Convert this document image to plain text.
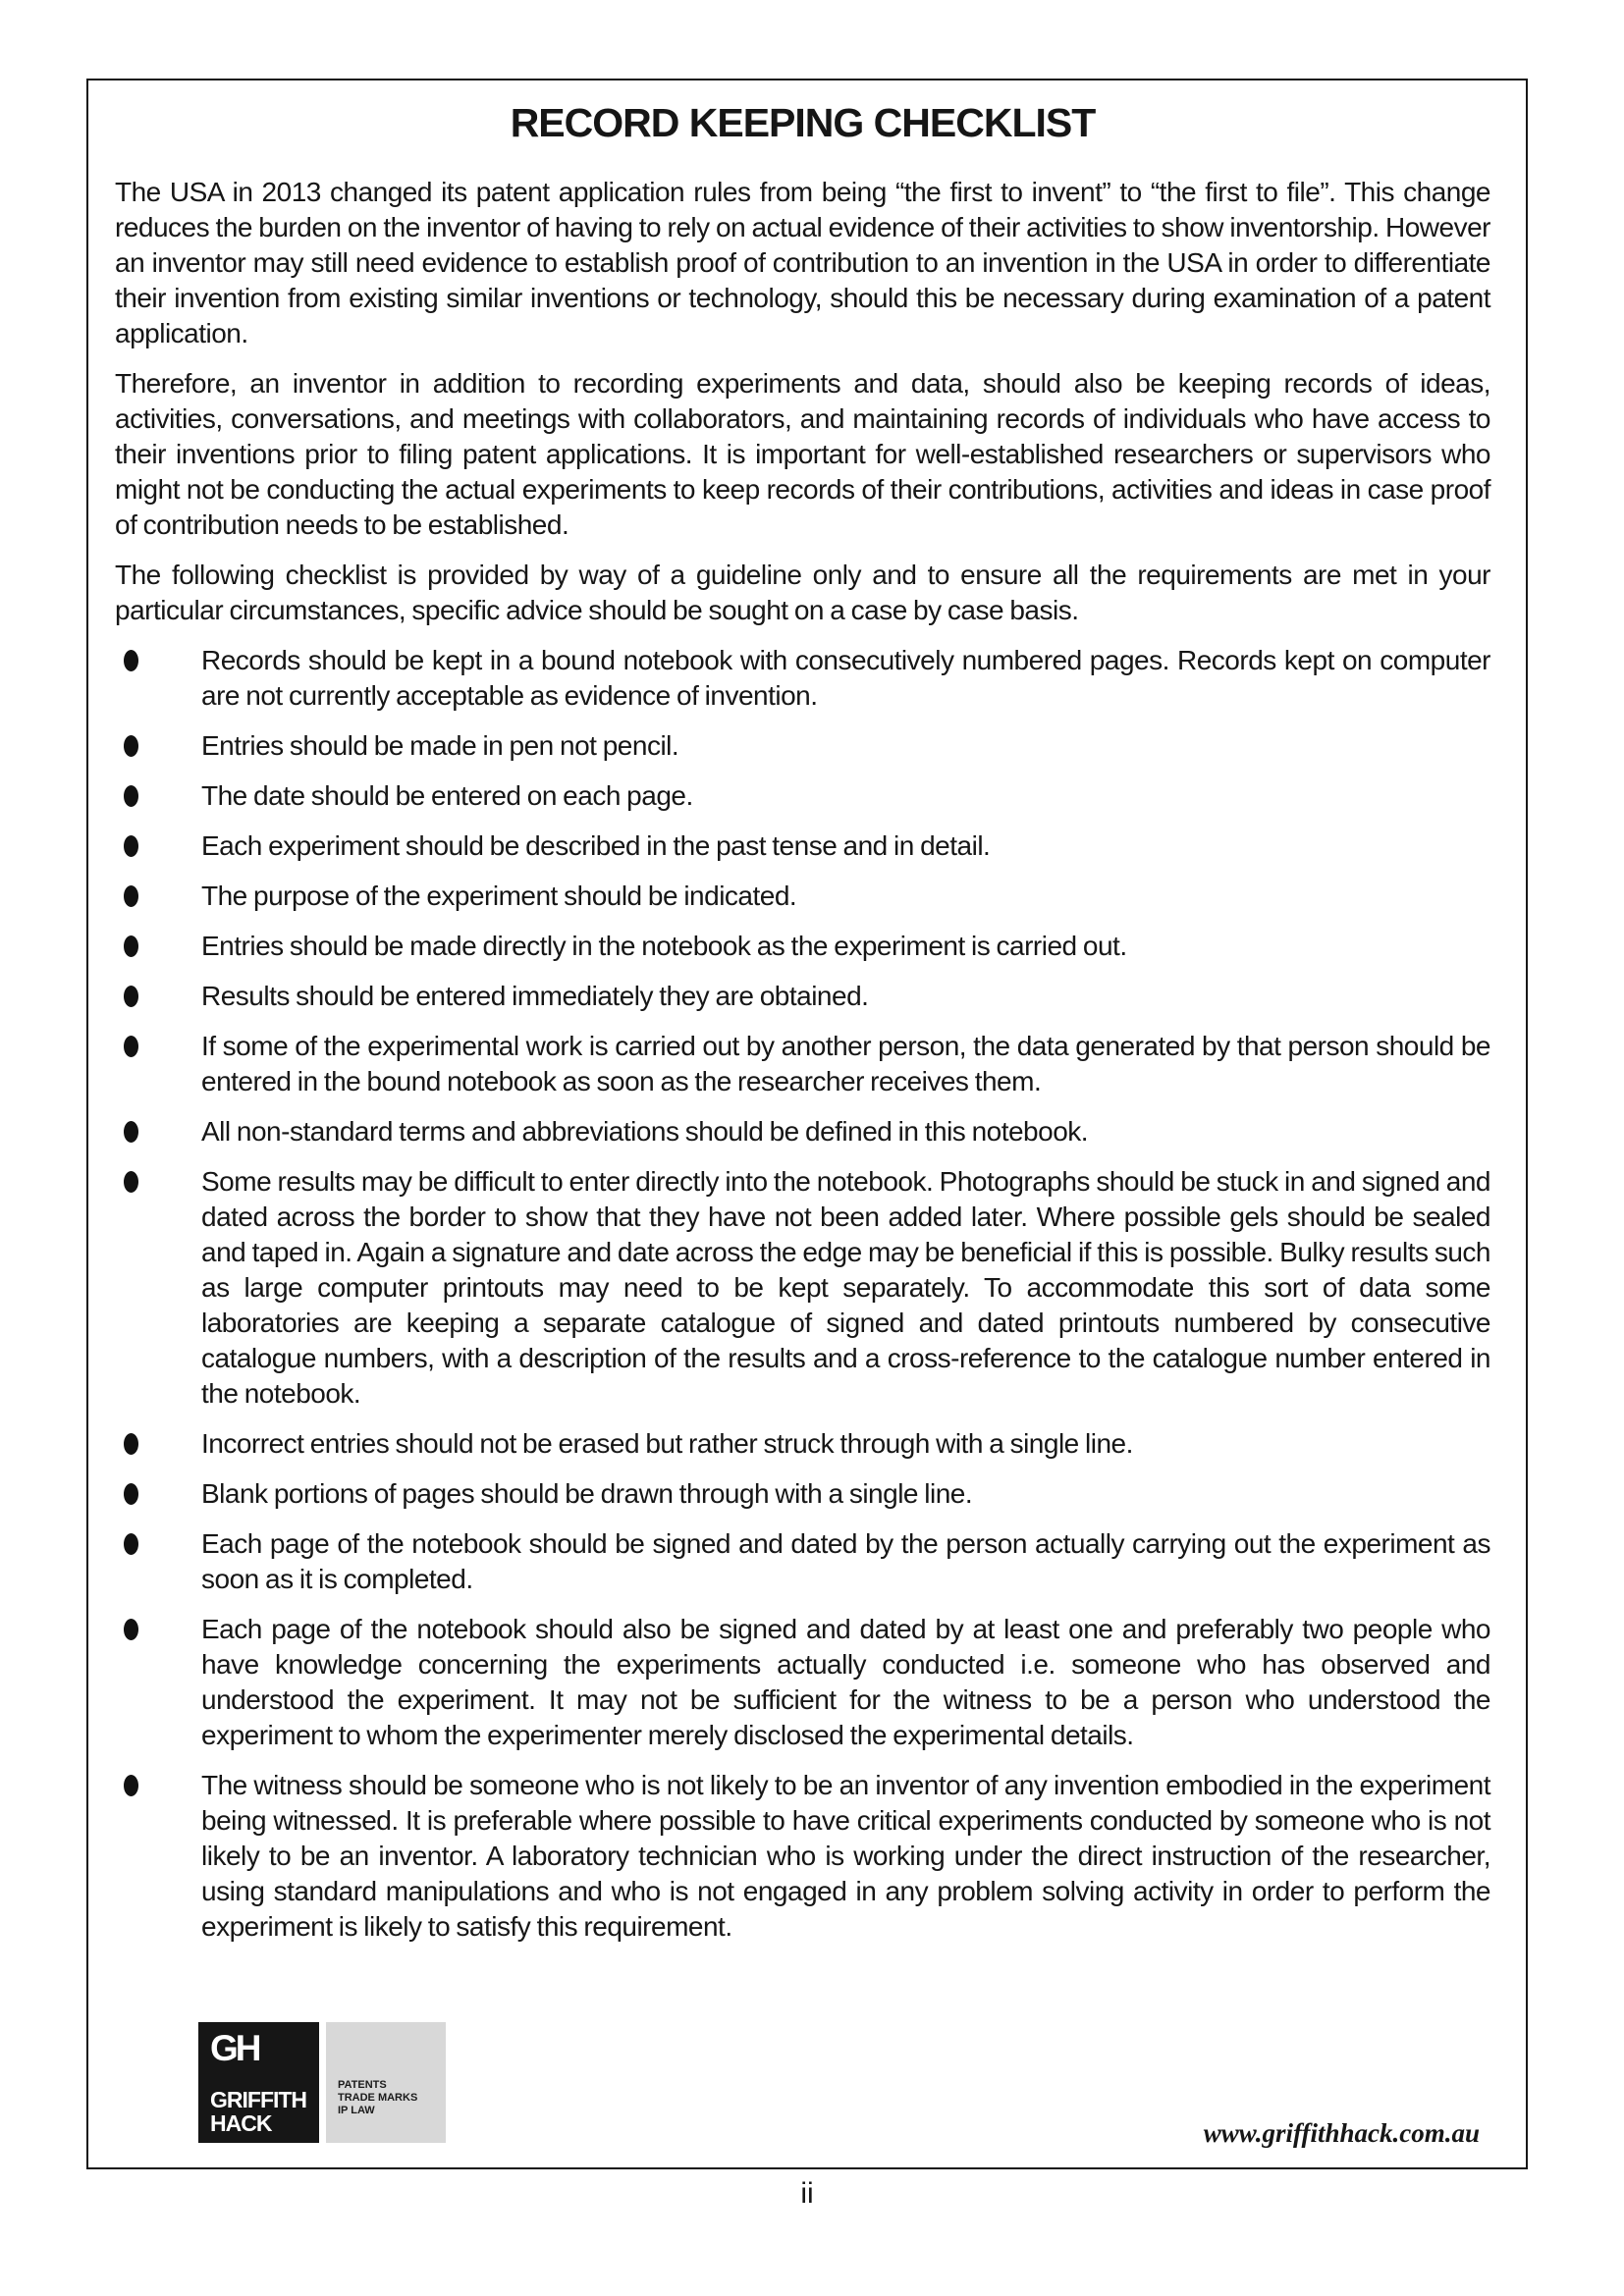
RECORD KEEPING CHECKLIST

The USA in 2013 changed its patent application rules from being “the first to invent” to “the first to file”. This change reduces the burden on the inventor of having to rely on actual evidence of their activities to show inventorship. However an inventor may still need evidence to establish proof of contribution to an invention in the USA in order to differentiate their invention from existing similar inventions or technology, should this be necessary during examination of a patent application.

Therefore, an inventor in addition to recording experiments and data, should also be keeping records of ideas, activities, conversations, and meetings with collaborators, and maintaining records of individuals who have access to their inventions prior to filing patent applications. It is important for well-established researchers or supervisors who might not be conducting the actual experiments to keep records of their contributions, activities and ideas in case proof of contribution needs to be established.

The following checklist is provided by way of a guideline only and to ensure all the requirements are met in your particular circumstances, specific advice should be sought on a case by case basis.

Records should be kept in a bound notebook with consecutively numbered pages. Records kept on computer are not currently acceptable as evidence of invention.
Entries should be made in pen not pencil.
The date should be entered on each page.
Each experiment should be described in the past tense and in detail.
The purpose of the experiment should be indicated.
Entries should be made directly in the notebook as the experiment is carried out.
Results should be entered immediately they are obtained.
If some of the experimental work is carried out by another person, the data generated by that person should be entered in the bound notebook as soon as the researcher receives them.
All non-standard terms and abbreviations should be defined in this notebook.
Some results may be difficult to enter directly into the notebook. Photographs should be stuck in and signed and dated across the border to show that they have not been added later. Where possible gels should be sealed and taped in. Again a signature and date across the edge may be beneficial if this is possible. Bulky results such as large computer printouts may need to be kept separately. To accommodate this sort of data some laboratories are keeping a separate catalogue of signed and dated printouts numbered by consecutive catalogue numbers, with a description of the results and a cross-reference to the catalogue number entered in the notebook.
Incorrect entries should not be erased but rather struck through with a single line.
Blank portions of pages should be drawn through with a single line.
Each page of the notebook should be signed and dated by the person actually carrying out the experiment as soon as it is completed.
Each page of the notebook should also be signed and dated by at least one and preferably two people who have knowledge concerning the experiments actually conducted i.e. someone who has observed and understood the experiment. It may not be sufficient for the witness to be a person who understood the experiment to whom the experimenter merely disclosed the experimental details.
The witness should be someone who is not likely to be an inventor of any invention embodied in the experiment being witnessed. It is preferable where possible to have critical experiments conducted by someone who is not likely to be an inventor. A laboratory technician who is working under the direct instruction of the researcher, using standard manipulations and who is not engaged in any problem solving activity in order to perform the experiment is likely to satisfy this requirement.
GH
GRIFFITH
HACK
PATENTS
TRADE MARKS
IP LAW
www.griffithhack.com.au
ii
